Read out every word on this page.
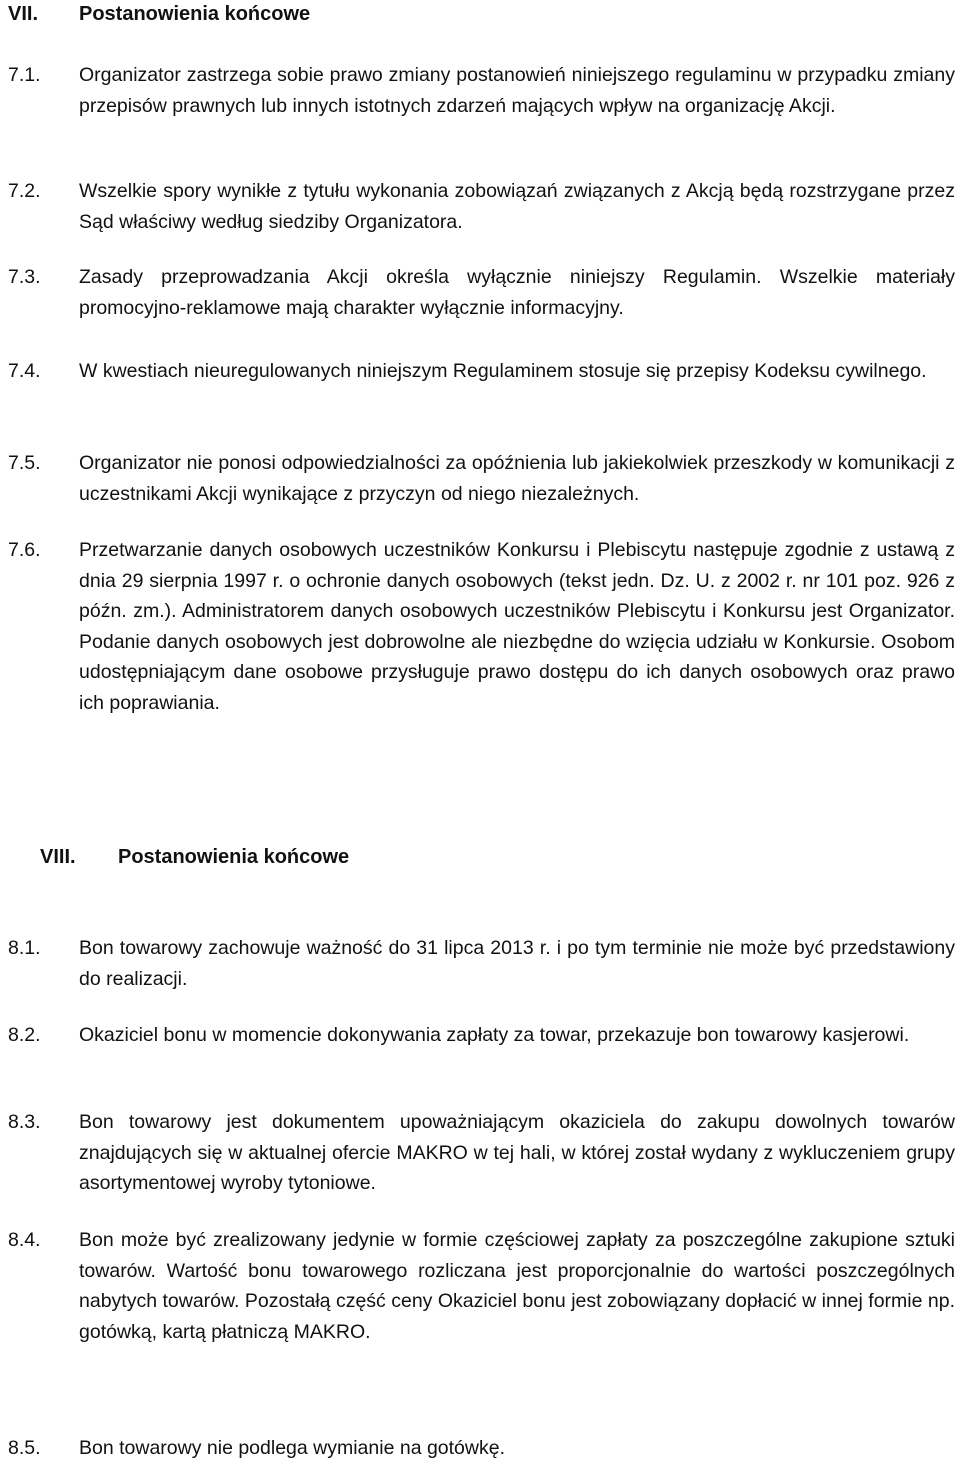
VII. Postanowienia końcowe
7.1. Organizator zastrzega sobie prawo zmiany postanowień niniejszego regulaminu w przypadku zmiany przepisów prawnych lub innych istotnych zdarzeń mających wpływ na organizację Akcji.

7.2. Wszelkie spory wynikłe z tytułu wykonania zobowiązań związanych z Akcją będą rozstrzygane przez Sąd właściwy według siedziby Organizatora.

7.3. Zasady przeprowadzania Akcji określa wyłącznie niniejszy Regulamin. Wszelkie materiały promocyjno-reklamowe mają charakter wyłącznie informacyjny.

7.4. W kwestiach nieuregulowanych niniejszym Regulaminem stosuje się przepisy Kodeksu cywilnego.

7.5. Organizator nie ponosi odpowiedzialności za opóźnienia lub jakiekolwiek przeszkody w komunikacji z uczestnikami Akcji wynikające z przyczyn od niego niezależnych.

7.6. Przetwarzanie danych osobowych uczestników Konkursu i Plebiscytu następuje zgodnie z ustawą z dnia 29 sierpnia 1997 r. o ochronie danych osobowych (tekst jedn. Dz. U. z 2002 r. nr 101 poz. 926 z późn. zm.). Administratorem danych osobowych uczestników Plebiscytu i Konkursu jest Organizator. Podanie danych osobowych jest dobrowolne ale niezbędne do wzięcia udziału w Konkursie. Osobom udostępniającym dane osobowe przysługuje prawo dostępu do ich danych osobowych oraz prawo ich poprawiania.

VIII. Postanowienia końcowe
8.1. Bon towarowy zachowuje ważność do 31 lipca 2013 r. i po tym terminie nie może być przedstawiony do realizacji.

8.2. Okaziciel bonu w momencie dokonywania zapłaty za towar, przekazuje bon towarowy kasjerowi.

8.3. Bon towarowy jest dokumentem upoważniającym okaziciela do zakupu dowolnych towarów znajdujących się w aktualnej ofercie MAKRO w tej hali, w której został wydany z wykluczeniem grupy asortymentowej wyroby tytoniowe.

8.4. Bon może być zrealizowany jedynie w formie częściowej zapłaty za poszczególne zakupione sztuki towarów. Wartość bonu towarowego rozliczana jest proporcjonalnie do wartości poszczególnych nabytych towarów. Pozostałą część ceny Okaziciel bonu jest zobowiązany dopłacić w innej formie np. gotówką, kartą płatniczą MAKRO.

8.5. Bon towarowy nie podlega wymianie na gotówkę.
